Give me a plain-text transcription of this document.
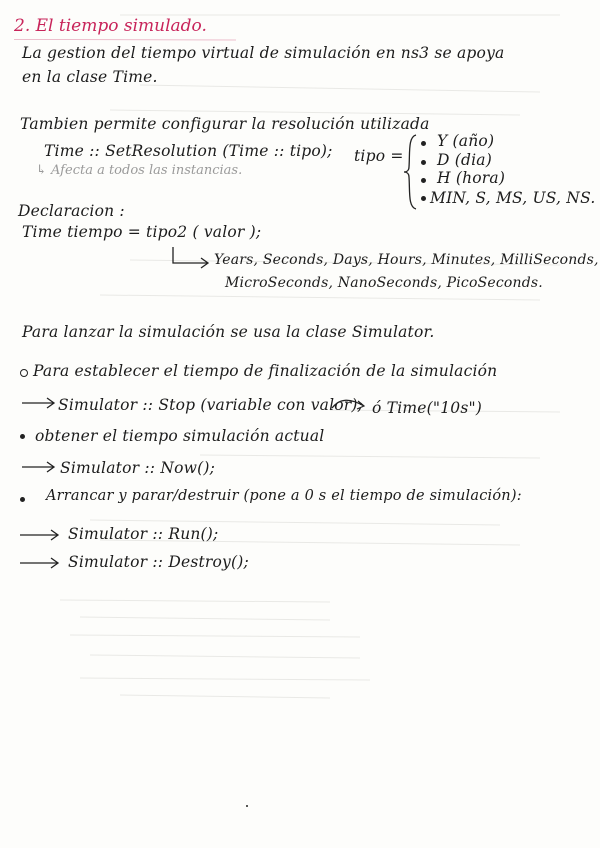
2. El tiempo simulado.
La gestion del tiempo virtual de simulación en ns3 se apoya
en la clase Time.
Tambien permite configurar la resolución utilizada
Time :: SetResolution (Time :: tipo);
↳ Afecta a todos las instancias.
tipo =
Y (año)
D (dia)
H (hora)
MIN, S, MS, US, NS.
Declaracion :
Time tiempo = tipo2 ( valor );
Years, Seconds, Days, Hours, Minutes, MilliSeconds,
MicroSeconds, NanoSeconds, PicoSeconds.
Para lanzar la simulación se usa la clase Simulator.
Para establecer el tiempo de finalización de la simulación
Simulator :: Stop (variable con valor); ó Time("10s")
obtener el tiempo simulación actual
Simulator :: Now();
Arrancar y parar/destruir (pone a 0 s el tiempo de simulación):
Simulator :: Run();
Simulator :: Destroy();
